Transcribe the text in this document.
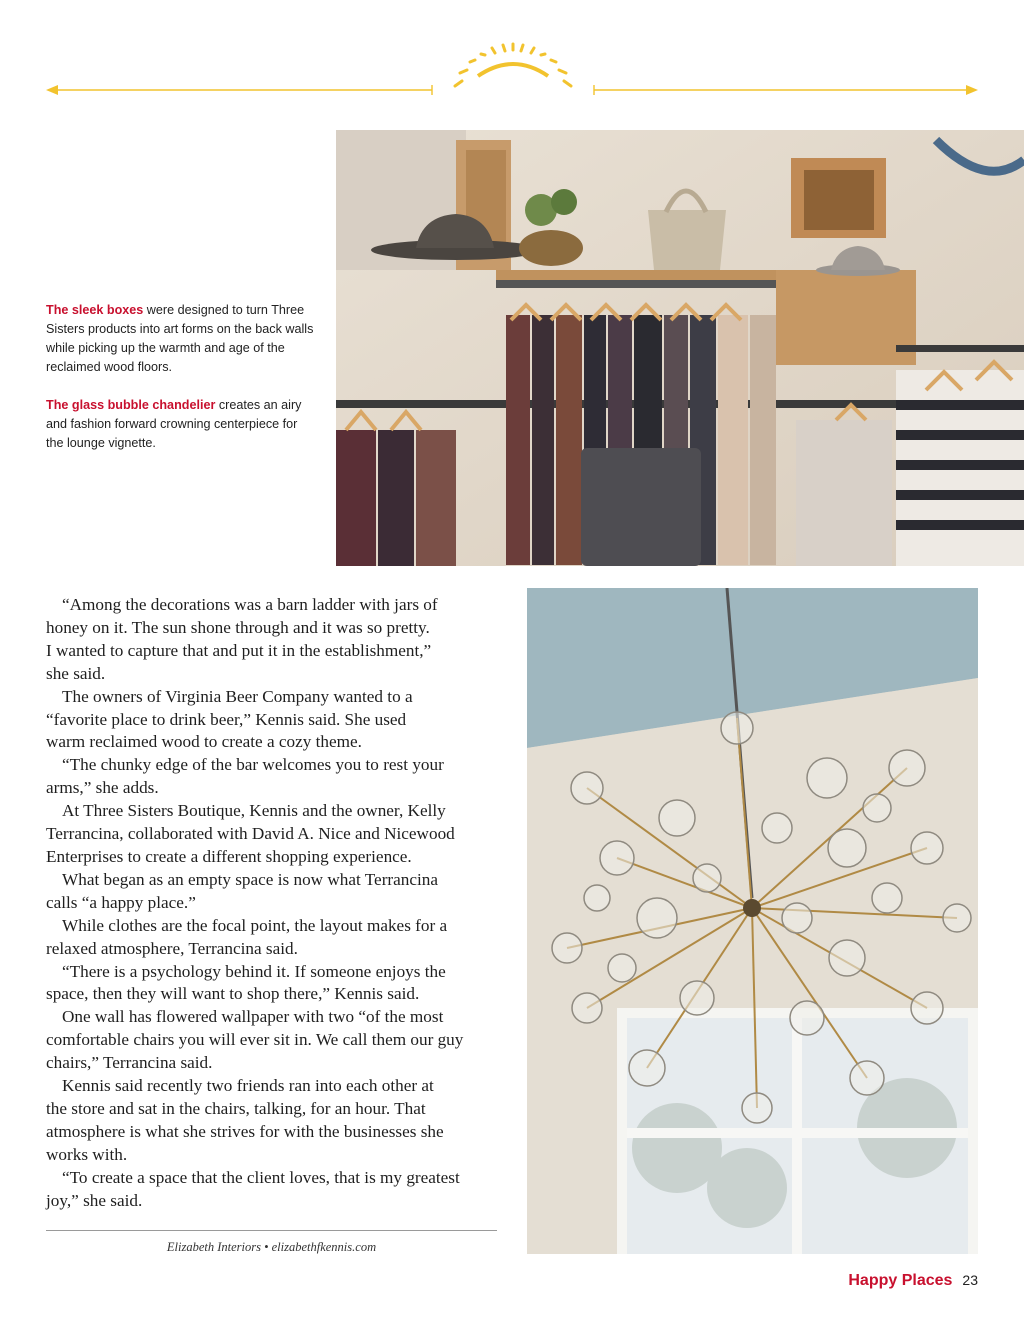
The sleek boxes were designed to turn Three Sisters products into art forms on the back walls while picking up the warmth and age of the reclaimed wood floors.

The glass bubble chandelier creates an airy and fashion forward crowning centerpiece for the lounge vignette.

“Among the decorations was a barn ladder with jars of

honey on it. The sun shone through and it was so pretty.

I wanted to capture that and put it in the establishment,”

she said.

The owners of Virginia Beer Company wanted to a

“favorite place to drink beer,” Kennis said. She used

warm reclaimed wood to create a cozy theme.

“The chunky edge of the bar welcomes you to rest your

arms,” she adds.

At Three Sisters Boutique, Kennis and the owner, Kelly

Terrancina, collaborated with David A. Nice and Nicewood

Enterprises to create a different shopping experience.

What began as an empty space is now what Terrancina

calls “a happy place.”

While clothes are the focal point, the layout makes for a

relaxed atmosphere, Terrancina said.

“There is a psychology behind it. If someone enjoys the

space, then they will want to shop there,” Kennis said.

One wall has flowered wallpaper with two “of the most

comfortable chairs you will ever sit in. We call them our guy

chairs,” Terrancina said.

Kennis said recently two friends ran into each other at

the store and sat in the chairs, talking, for an hour. That

atmosphere is what she strives for with the businesses she

works with.

“To create a space that the client loves, that is my greatest

joy,” she said.

Elizabeth Interiors • elizabethfkennis.com
Happy Places 23
